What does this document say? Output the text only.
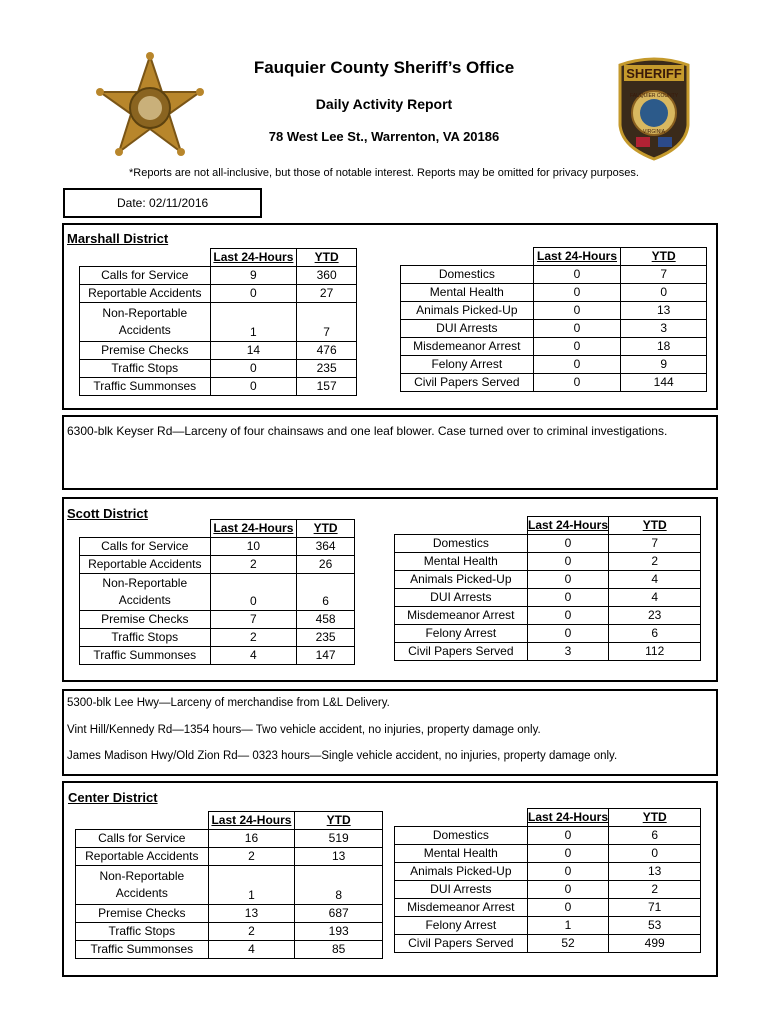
Fauquier County Sheriff’s Office
Daily Activity Report
78 West Lee St., Warrenton, VA 20186
SHERIFF
FAUQUIER COUNTY
VIRGINIA
*Reports are not all-inclusive, but those of notable interest. Reports may be omitted for privacy purposes.
Date: 02/11/2016
Marshall District
Scott District
Center District
	Last 24-Hours	YTD
Calls for Service	9	360
Reportable Accidents	0	27
Non-Reportable Accidents	1	7
Premise Checks	14	476
Traffic Stops	0	235
Traffic Summonses	0	157
	Last 24-Hours	YTD
Domestics	0	7
Mental Health	0	0
Animals Picked-Up	0	13
DUI Arrests	0	3
Misdemeanor Arrest	0	18
Felony Arrest	0	9
Civil Papers Served	0	144
6300-blk Keyser Rd—Larceny of four chainsaws and one leaf blower. Case turned over to criminal investigations.
	Last 24-Hours	YTD
Calls for Service	10	364
Reportable Accidents	2	26
Non-Reportable Accidents	0	6
Premise Checks	7	458
Traffic Stops	2	235
Traffic Summonses	4	147
	Last 24-Hours	YTD
Domestics	0	7
Mental Health	0	2
Animals Picked-Up	0	4
DUI Arrests	0	4
Misdemeanor Arrest	0	23
Felony Arrest	0	6
Civil Papers Served	3	112
5300-blk Lee Hwy—Larceny of merchandise from L&L Delivery.
Vint Hill/Kennedy Rd—1354 hours— Two vehicle accident, no injuries, property damage only.
James Madison Hwy/Old Zion Rd— 0323 hours—Single vehicle accident, no injuries, property damage only.
	Last 24-Hours	YTD
Calls for Service	16	519
Reportable Accidents	2	13
Non-Reportable Accidents	1	8
Premise Checks	13	687
Traffic Stops	2	193
Traffic Summonses	4	85
	Last 24-Hours	YTD
Domestics	0	6
Mental Health	0	0
Animals Picked-Up	0	13
DUI Arrests	0	2
Misdemeanor Arrest	0	71
Felony Arrest	1	53
Civil Papers Served	52	499
